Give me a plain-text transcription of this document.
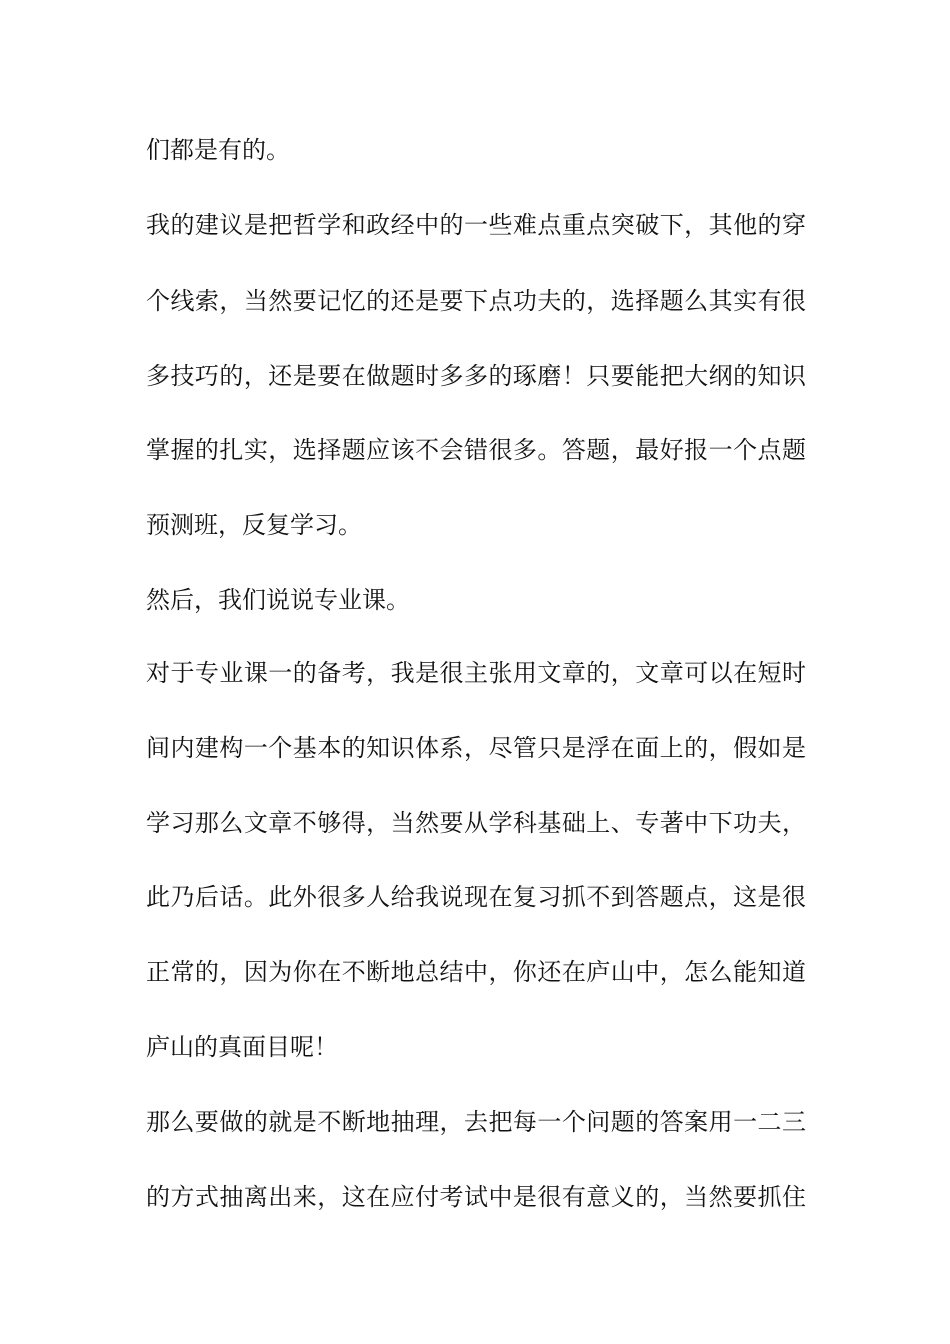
们都是有的。

我的建议是把哲学和政经中的一些难点重点突破下，其他的穿

个线索，当然要记忆的还是要下点功夫的，选择题么其实有很

多技巧的，还是要在做题时多多的琢磨！只要能把大纲的知识

掌握的扎实，选择题应该不会错很多。答题，最好报一个点题

预测班，反复学习。

然后，我们说说专业课。

对于专业课一的备考，我是很主张用文章的，文章可以在短时

间内建构一个基本的知识体系，尽管只是浮在面上的，假如是

学习那么文章不够得，当然要从学科基础上、专著中下功夫，

此乃后话。此外很多人给我说现在复习抓不到答题点，这是很

正常的，因为你在不断地总结中，你还在庐山中，怎么能知道

庐山的真面目呢！

那么要做的就是不断地抽理，去把每一个问题的答案用一二三

的方式抽离出来，这在应付考试中是很有意义的，当然要抓住
